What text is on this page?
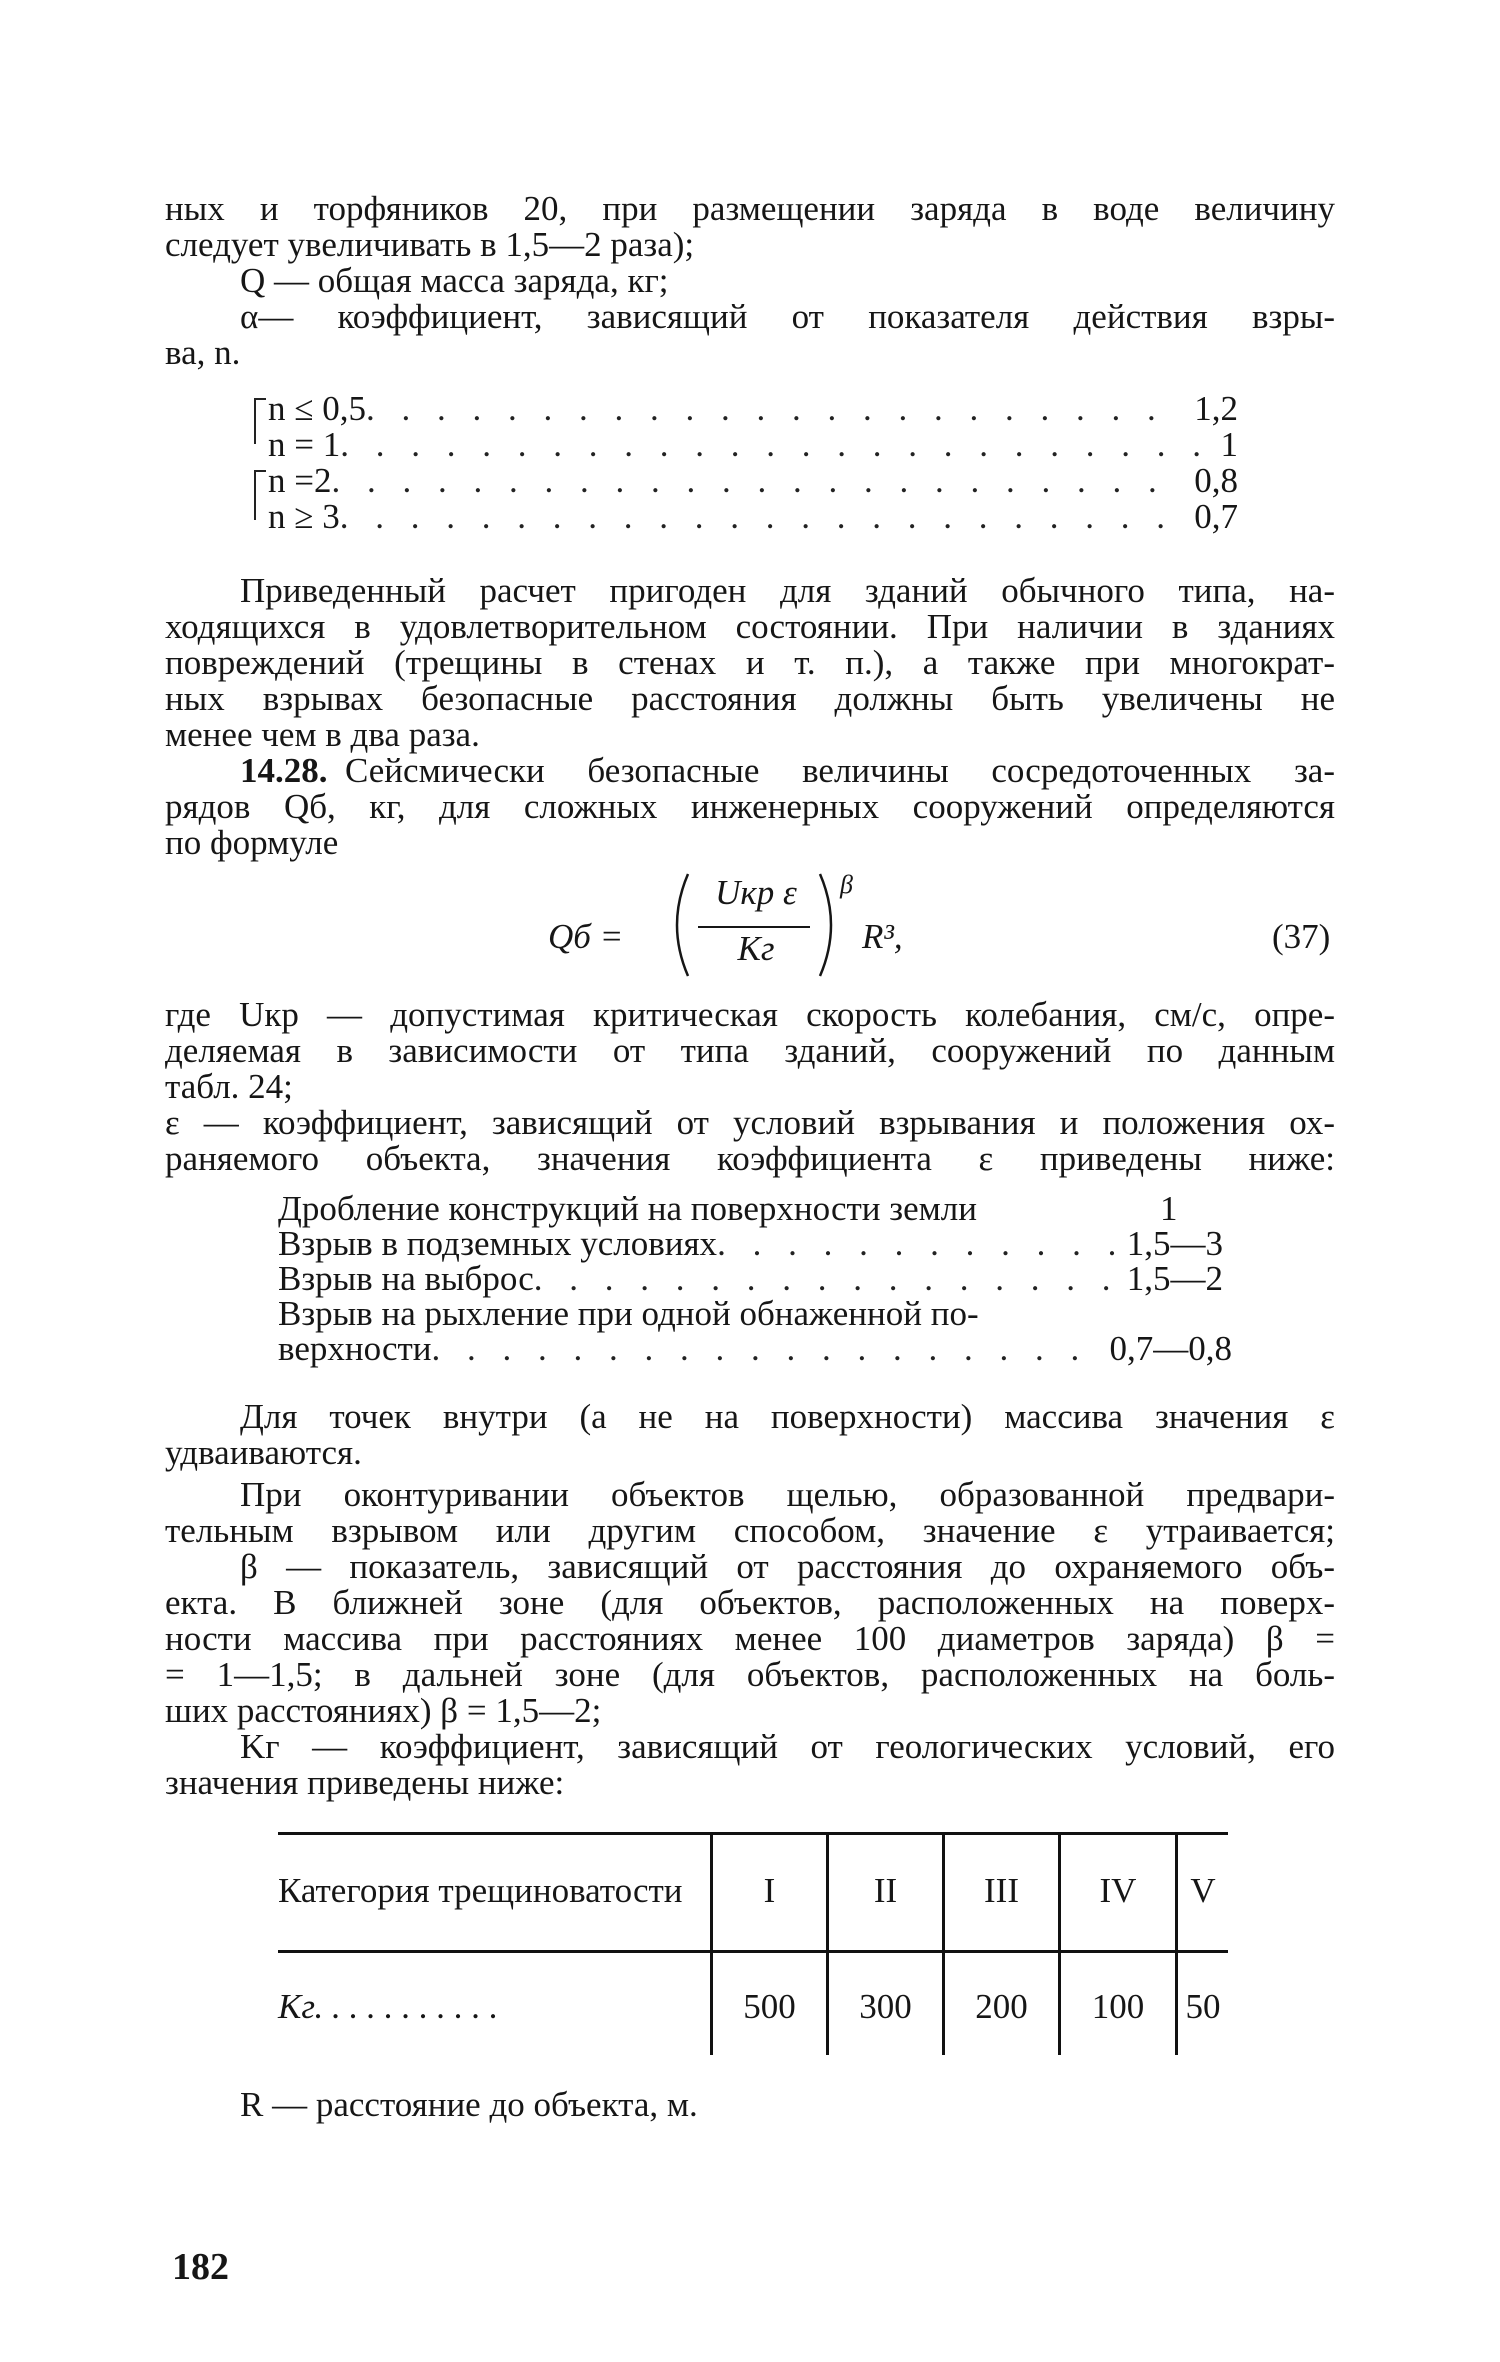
ных и торфяников 20, при размещении заряда в воде величину
следует увеличивать в 1,5—2 раза);
Q — общая масса заряда, кг;
α— коэффициент, зависящий от показателя действия взры-
ва, n.
n ≤ 0,5 . . .	1,2
n = 1 . . .	1
n =2 . . .	0,8
n ≥ 3 . . .	0,7
Приведенный расчет пригоден для зданий обычного типа, на-
ходящихся в удовлетворительном состоянии. При наличии в зданиях
повреждений (трещины в стенах и т. п.), а также при многократ-
ных взрывах безопасные расстояния должны быть увеличены не
менее чем в два раза.
14.28. Сейсмически безопасные величины сосредоточенных за-
рядов Qб, кг, для сложных инженерных сооружений определяются
по формуле
Qб =
Uкр ε
Kг
β
R³,	(37)
где Uкр — допустимая критическая скорость колебания, см/с, опре-
деляемая в зависимости от типа зданий, сооружений по данным
табл. 24;
ε — коэффициент, зависящий от условий взрывания и положения ох-
раняемого объекта, значения коэффициента ε приведены ниже:
Дробление конструкций на поверхности земли	1
Взрыв в подземных условиях . . .	1,5—3
Взрыв на выброс . . .	1,5—2
Взрыв на рыхление при одной обнаженной по-
верхности . . .	0,7—0,8
Для точек внутри (а не на поверхности) массива значения ε
удваиваются.
При оконтуривании объектов щелью, образованной предвари-
тельным взрывом или другим способом, значение ε утраивается;
β — показатель, зависящий от расстояния до охраняемого объ-
екта. В ближней зоне (для объектов, расположенных на поверх-
ности массива при расстояниях менее 100 диаметров заряда) β =
= 1—1,5; в дальней зоне (для объектов, расположенных на боль-
ших расстояниях) β = 1,5—2;
Kг — коэффициент, зависящий от геологических условий, его
значения приведены ниже:
Категория трещиноватости	I	II	III	IV	V
Kг. . . . . . . . . . .	500	300	200	100	50
R — расстояние до объекта, м.
182
